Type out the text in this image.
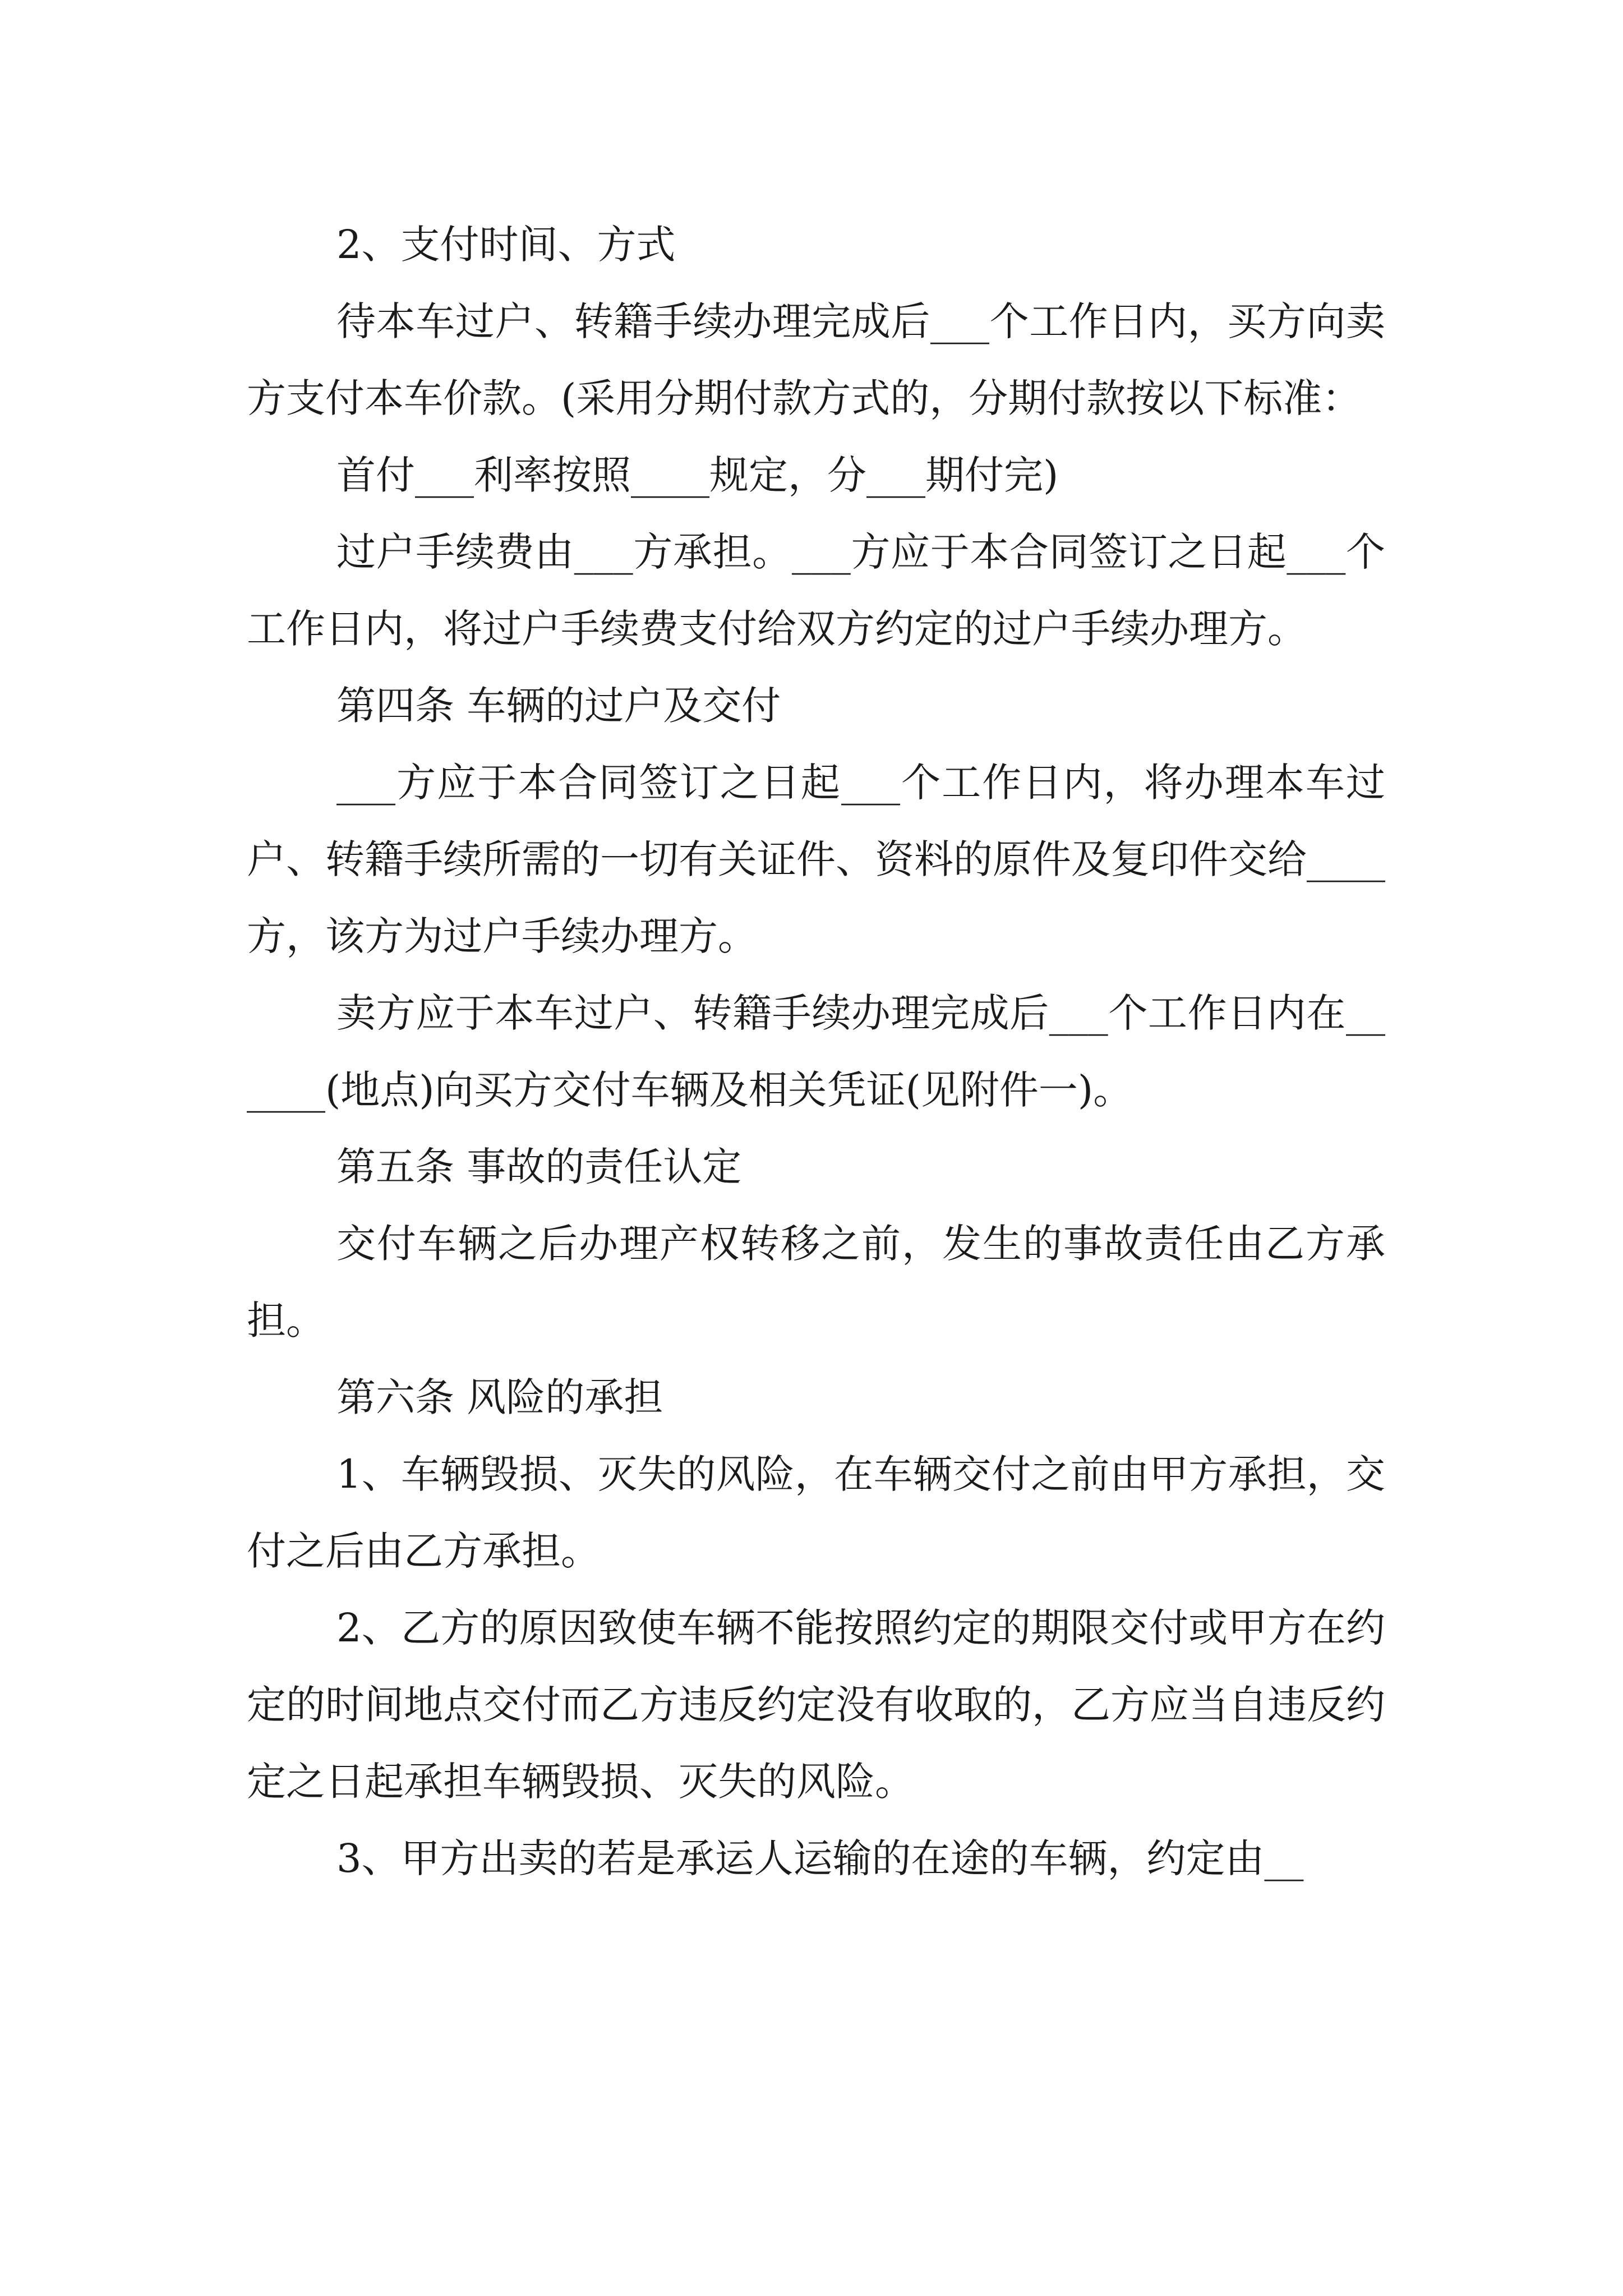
2、支付时间、方式

待本车过户、转籍手续办理完成后___个工作日内，买方向卖方支付本车价款。(采用分期付款方式的，分期付款按以下标准：

首付___利率按照____规定，分___期付完)

过户手续费由___方承担。___方应于本合同签订之日起___个工作日内，将过户手续费支付给双方约定的过户手续办理方。

第四条 车辆的过户及交付

___方应于本合同签订之日起___个工作日内，将办理本车过户、转籍手续所需的一切有关证件、资料的原件及复印件交给____方，该方为过户手续办理方。

卖方应于本车过户、转籍手续办理完成后___个工作日内在______(地点)向买方交付车辆及相关凭证(见附件一)。

第五条 事故的责任认定

交付车辆之后办理产权转移之前，发生的事故责任由乙方承担。

第六条 风险的承担

1、车辆毁损、灭失的风险，在车辆交付之前由甲方承担，交付之后由乙方承担。

2、乙方的原因致使车辆不能按照约定的期限交付或甲方在约定的时间地点交付而乙方违反约定没有收取的，乙方应当自违反约定之日起承担车辆毁损、灭失的风险。

3、甲方出卖的若是承运人运输的在途的车辆，约定由__
